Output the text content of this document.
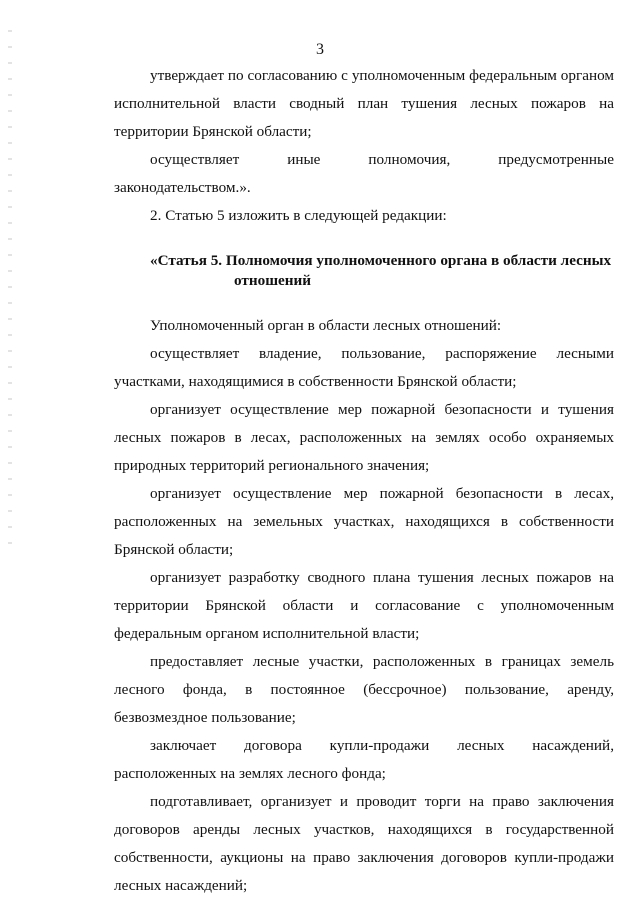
3

утверждает по согласованию с уполномоченным федеральным органом исполнительной власти сводный план тушения лесных пожаров на территории Брянской области;

осуществляет иные полномочия, предусмотренные законодательством.».

2. Статью 5 изложить в следующей редакции:

«Статья 5. Полномочия уполномоченного органа в области лесных
отношений

Уполномоченный орган в области лесных отношений:

осуществляет владение, пользование, распоряжение лесными участками, находящимися в собственности Брянской области;

организует осуществление мер пожарной безопасности и тушения лесных пожаров в лесах, расположенных на землях особо охраняемых природных территорий регионального значения;

организует осуществление мер пожарной безопасности в лесах, расположенных на земельных участках, находящихся в собственности Брянской области;

организует разработку сводного плана тушения лесных пожаров на территории Брянской области и согласование с уполномоченным федеральным органом исполнительной власти;

предоставляет лесные участки, расположенных в границах земель лесного фонда, в постоянное (бессрочное) пользование, аренду, безвозмездное пользование;

заключает договора купли-продажи лесных насаждений, расположенных на землях лесного фонда;

подготавливает, организует и проводит торги на право заключения договоров аренды лесных участков, находящихся в государственной собственности, аукционы на право заключения договоров купли-продажи лесных насаждений;
